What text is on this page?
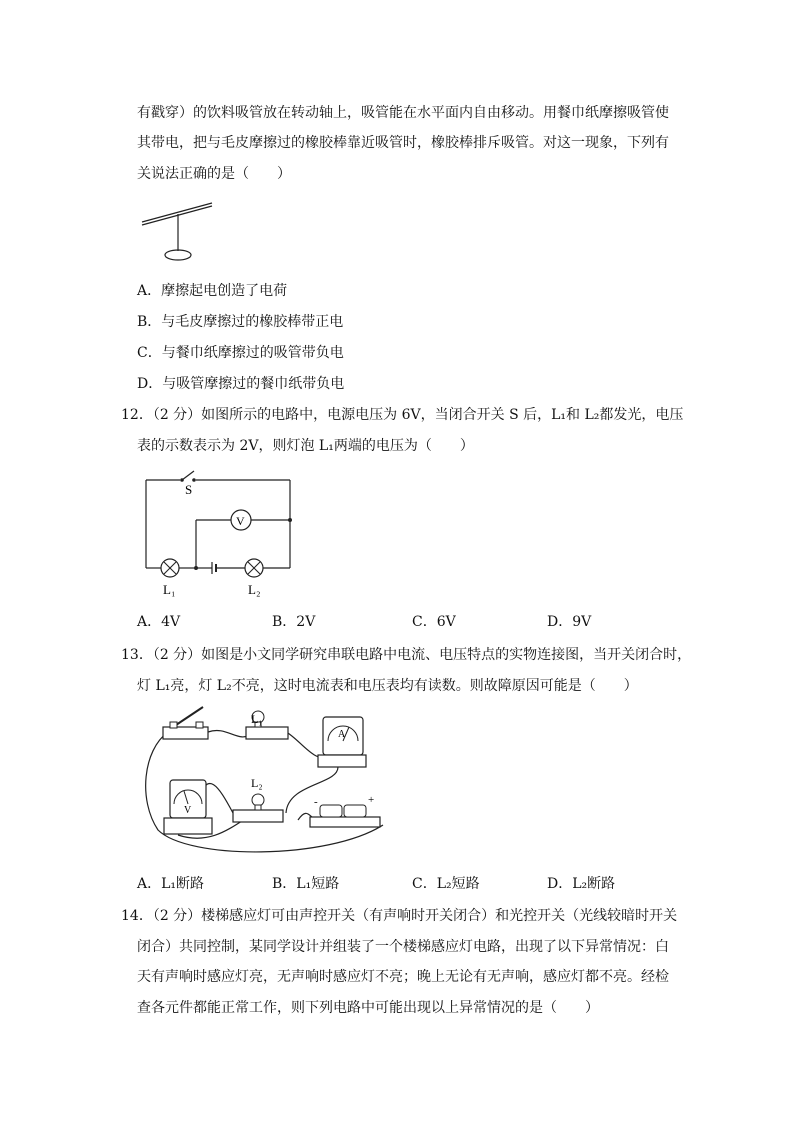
有戳穿）的饮料吸管放在转动轴上，吸管能在水平面内自由移动。用餐巾纸摩擦吸管使
其带电，把与毛皮摩擦过的橡胶棒靠近吸管时，橡胶棒排斥吸管。对这一现象，下列有
关说法正确的是（　　）
A．摩擦起电创造了电荷
B．与毛皮摩擦过的橡胶棒带正电
C．与餐巾纸摩擦过的吸管带负电
D．与吸管摩擦过的餐巾纸带负电
12．（2 分）如图所示的电路中，电源电压为 6V，当闭合开关 S 后，L₁和 L₂都发光，电压
表的示数表示为 2V，则灯泡 L₁两端的电压为（　　）
S
V
L₁	L₂
A．4V	B．2V	C．6V	D．9V
13．（2 分）如图是小文同学研究串联电路中电流、电压特点的实物连接图，当开关闭合时，
灯 L₁亮，灯 L₂不亮，这时电流表和电压表均有读数。则故障原因可能是（　　）
L₁
A
V
L₂
-	+
A．L₁断路	B．L₁短路	C．L₂短路	D．L₂断路
14．（2 分）楼梯感应灯可由声控开关（有声响时开关闭合）和光控开关（光线较暗时开关
闭合）共同控制，某同学设计并组装了一个楼梯感应灯电路，出现了以下异常情况：白
天有声响时感应灯亮，无声响时感应灯不亮；晚上无论有无声响，感应灯都不亮。经检
查各元件都能正常工作，则下列电路中可能出现以上异常情况的是（　　）
